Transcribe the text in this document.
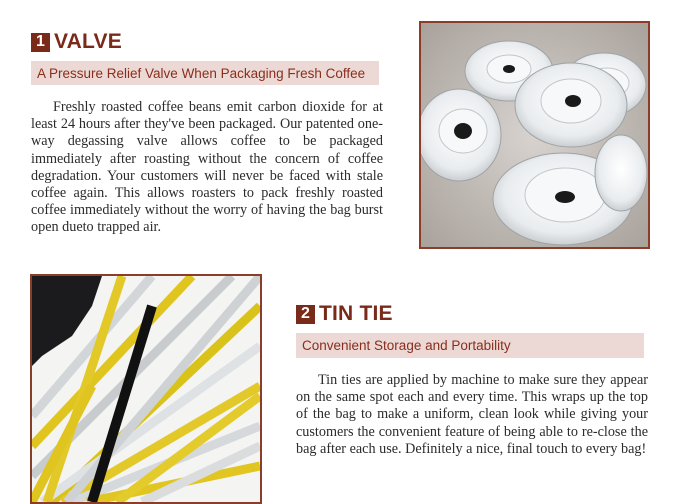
1 VALVE
A Pressure Relief Valve When Packaging Fresh Coffee

Freshly roasted coffee beans emit carbon dioxide for at least 24 hours after they've been packaged. Our patented one-way degassing valve allows coffee to be packaged immediately after roasting without the concern of coffee degradation. Your customers will never be faced with stale coffee again. This allows roasters to pack freshly roasted coffee immediately without the worry of having the bag burst open dueto trapped air.

2 TIN TIE
Convenient Storage and Portability

Tin ties are applied by machine to make sure they appear on the same spot each and every time. This wraps up the top of the bag to make a uniform, clean look while giving your customers the convenient feature of being able to re-close the bag after each use. Definitely a nice, final touch to every bag!
